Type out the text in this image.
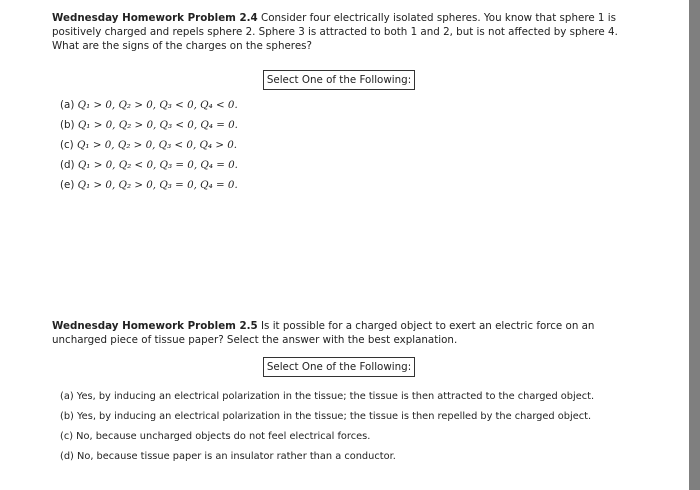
Wednesday Homework Problem 2.4 Consider four electrically isolated spheres. You know that sphere 1 is positively charged and repels sphere 2. Sphere 3 is attracted to both 1 and 2, but is not affected by sphere 4. What are the signs of the charges on the spheres?
Select One of the Following:
(a) Q₁ > 0, Q₂ > 0, Q₃ < 0, Q₄ < 0.
(b) Q₁ > 0, Q₂ > 0, Q₃ < 0, Q₄ = 0.
(c) Q₁ > 0, Q₂ > 0, Q₃ < 0, Q₄ > 0.
(d) Q₁ > 0, Q₂ < 0, Q₃ = 0, Q₄ = 0.
(e) Q₁ > 0, Q₂ > 0, Q₃ = 0, Q₄ = 0.
Wednesday Homework Problem 2.5 Is it possible for a charged object to exert an electric force on an uncharged piece of tissue paper? Select the answer with the best explanation.
Select One of the Following:
(a) Yes, by inducing an electrical polarization in the tissue; the tissue is then attracted to the charged object.
(b) Yes, by inducing an electrical polarization in the tissue; the tissue is then repelled by the charged object.
(c) No, because uncharged objects do not feel electrical forces.
(d) No, because tissue paper is an insulator rather than a conductor.
